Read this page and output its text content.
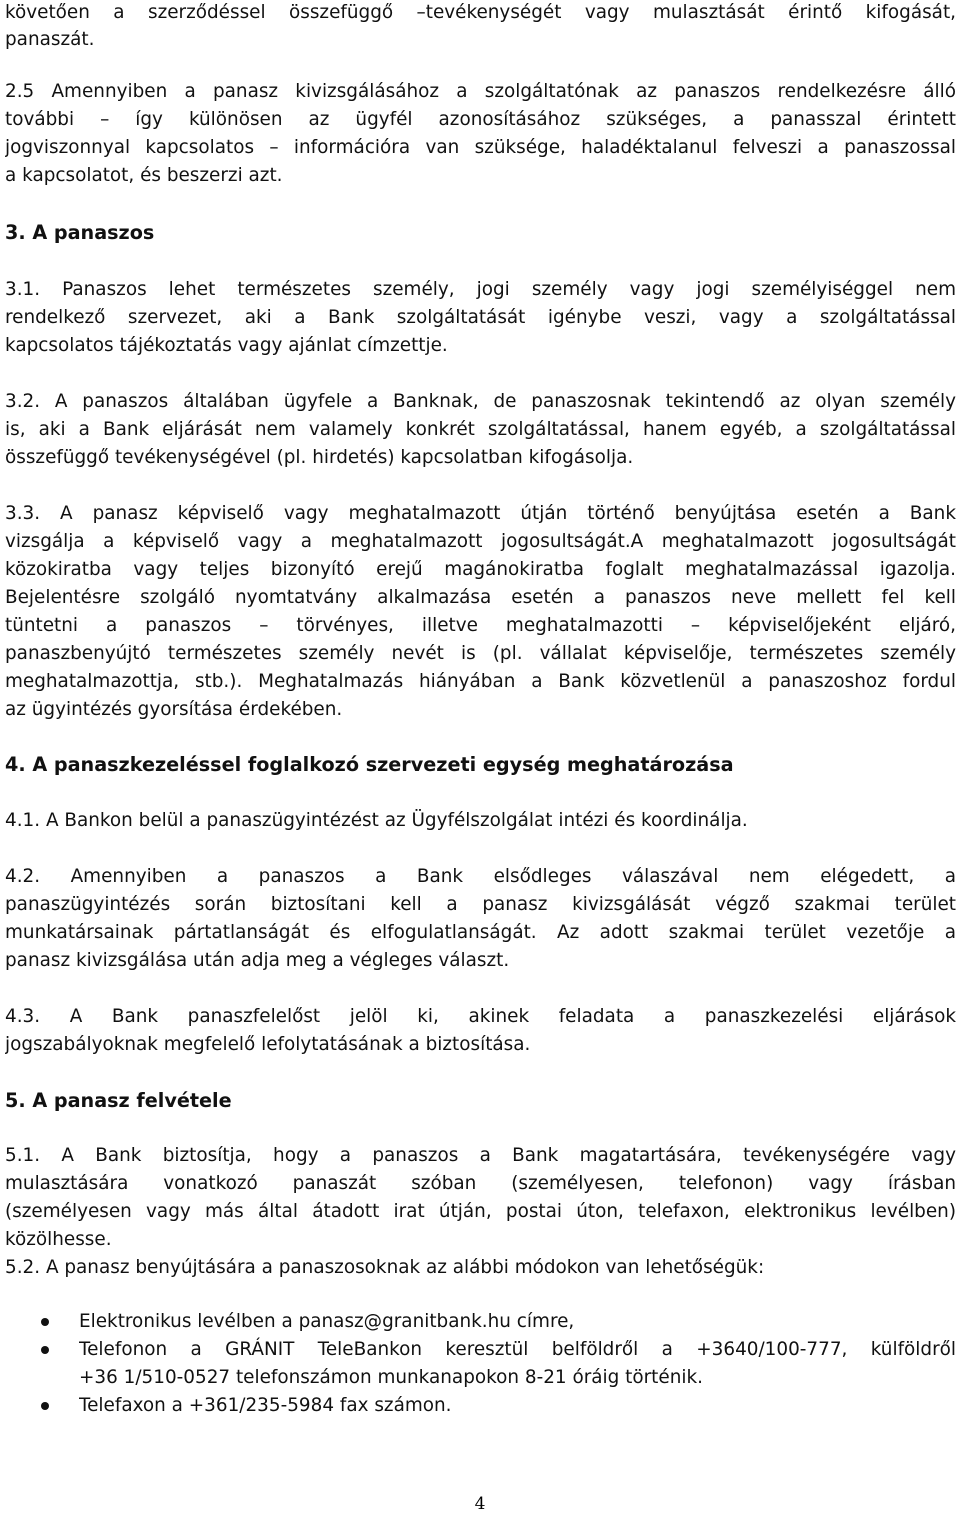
követően a szerződéssel összefüggő –tevékenységét vagy mulasztását érintő kifogását,
panaszát.
2.5 Amennyiben a panasz kivizsgálásához a szolgáltatónak az panaszos rendelkezésre álló
további – így különösen az ügyfél azonosításához szükséges, a panasszal érintett
jogviszonnyal kapcsolatos – információra van szüksége, haladéktalanul felveszi a panaszossal
a kapcsolatot, és beszerzi azt.
3. A panaszos
3.1. Panaszos lehet természetes személy, jogi személy vagy jogi személyiséggel nem
rendelkező szervezet, aki a Bank szolgáltatását igénybe veszi, vagy a szolgáltatással
kapcsolatos tájékoztatás vagy ajánlat címzettje.
3.2. A panaszos általában ügyfele a Banknak, de panaszosnak tekintendő az olyan személy
is, aki a Bank eljárását nem valamely konkrét szolgáltatással, hanem egyéb, a szolgáltatással
összefüggő tevékenységével (pl. hirdetés) kapcsolatban kifogásolja.
3.3. A panasz képviselő vagy meghatalmazott útján történő benyújtása esetén a Bank
vizsgálja a képviselő vagy a meghatalmazott jogosultságát.A meghatalmazott jogosultságát
közokiratba vagy teljes bizonyító erejű magánokiratba foglalt meghatalmazással igazolja.
Bejelentésre szolgáló nyomtatvány alkalmazása esetén a panaszos neve mellett fel kell
tüntetni a panaszos – törvényes, illetve meghatalmazotti – képviselőjeként eljáró,
panaszbenyújtó természetes személy nevét is (pl. vállalat képviselője, természetes személy
meghatalmazottja, stb.). Meghatalmazás hiányában a Bank közvetlenül a panaszoshoz fordul
az ügyintézés gyorsítása érdekében.
4. A panaszkezeléssel foglalkozó szervezeti egység meghatározása
4.1. A Bankon belül a panaszügyintézést az Ügyfélszolgálat intézi és koordinálja.
4.2. Amennyiben a panaszos a Bank elsődleges válaszával nem elégedett, a
panaszügyintézés során biztosítani kell a panasz kivizsgálását végző szakmai terület
munkatársainak pártatlanságát és elfogulatlanságát. Az adott szakmai terület vezetője a
panasz kivizsgálása után adja meg a végleges választ.
4.3. A Bank panaszfelelőst jelöl ki, akinek feladata a panaszkezelési eljárások
jogszabályoknak megfelelő lefolytatásának a biztosítása.
5. A panasz felvétele
5.1. A Bank biztosítja, hogy a panaszos a Bank magatartására, tevékenységére vagy
mulasztására vonatkozó panaszát szóban (személyesen, telefonon) vagy írásban
(személyesen vagy más által átadott irat útján, postai úton, telefaxon, elektronikus levélben)
közölhesse.
5.2. A panasz benyújtására a panaszosoknak az alábbi módokon van lehetőségük:
Elektronikus levélben a panasz@granitbank.hu címre,
Telefonon a GRÁNIT TeleBankon keresztül belföldről a +3640/100-777, külföldről
+36 1/510-0527 telefonszámon munkanapokon 8-21 óráig történik.
Telefaxon a +361/235-5984 fax számon.
4
